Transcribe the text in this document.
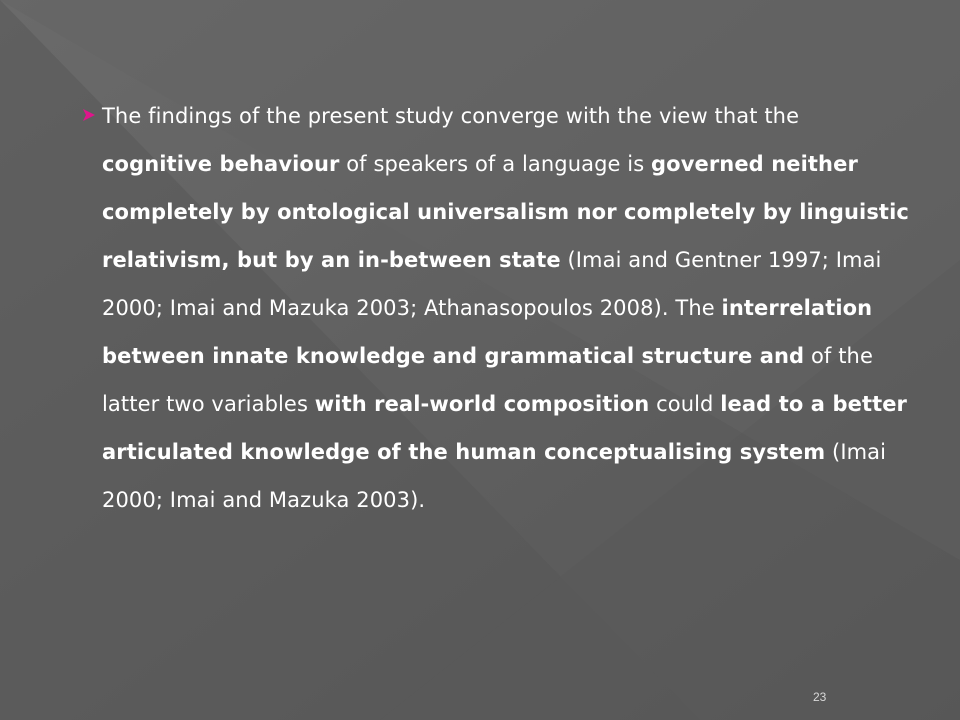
The findings of the present study converge with the view that the cognitive behaviour of speakers of a language is governed neither completely by ontological universalism nor completely by linguistic relativism, but by an in-between state (Imai and Gentner 1997; Imai 2000; Imai and Mazuka 2003; Athanasopoulos 2008). The interrelation between innate knowledge and grammatical structure and of the latter two variables with real-world composition could lead to a better articulated knowledge of the human conceptualising system (Imai 2000; Imai and Mazuka 2003).

23
